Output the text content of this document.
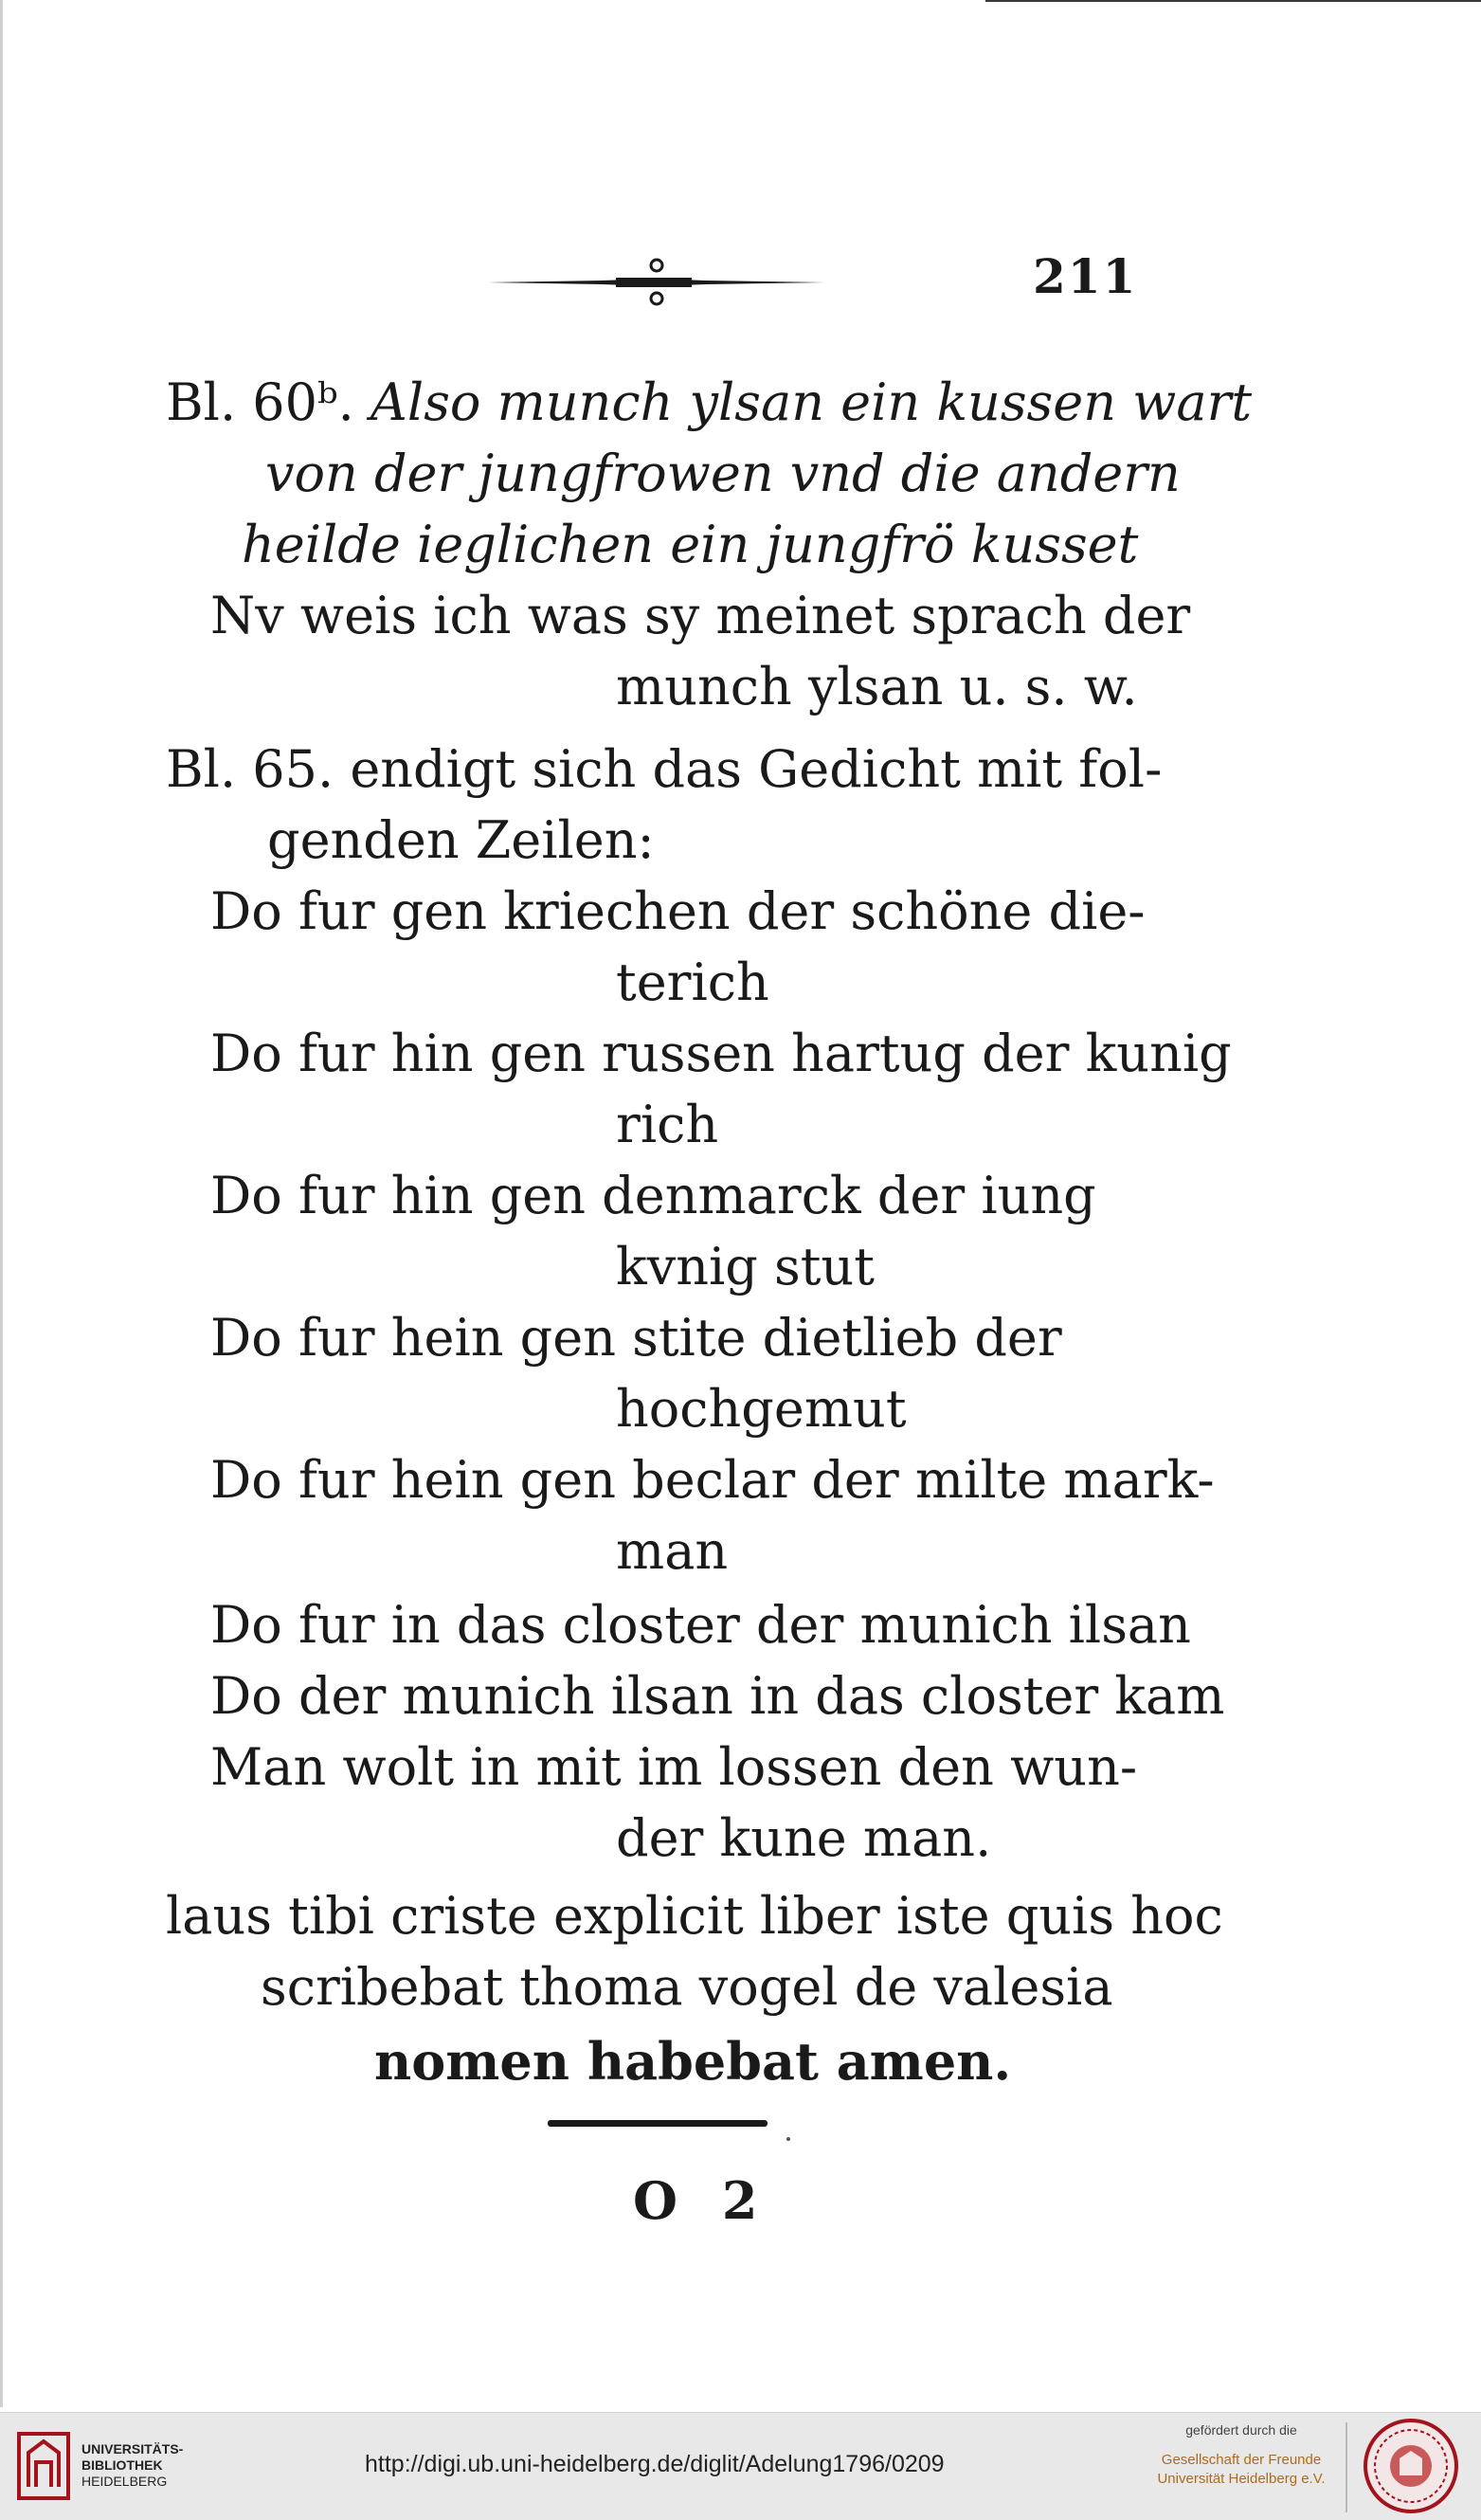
211
Bl. 60ᵇ. Also munch ylsan ein kussen wart
von der jungfrowen vnd die andern
heilde ieglichen ein jungfrö kusset
Nv weis ich was sy meinet sprach der
munch ylsan u. s. w.
Bl. 65. endigt sich das Gedicht mit fol-
genden Zeilen:
Do fur gen kriechen der schöne die-
terich
Do fur hin gen russen hartug der kunig
rich
Do fur hin gen denmarck der iung
kvnig stut
Do fur hein gen stite dietlieb der
hochgemut
Do fur hein gen beclar der milte mark-
man
Do fur in das closter der munich ilsan
Do der munich ilsan in das closter kam
Man wolt in mit im lossen den wun-
der kune man.
laus tibi criste explicit liber iste quis hoc
scribebat thoma vogel de valesia
nomen habebat amen.
O 2
UNIVERSITÄTS-
BIBLIOTHEK
HEIDELBERG
http://digi.ub.uni-heidelberg.de/diglit/Adelung1796/0209
gefördert durch die
Gesellschaft der Freunde
Universität Heidelberg e.V.
